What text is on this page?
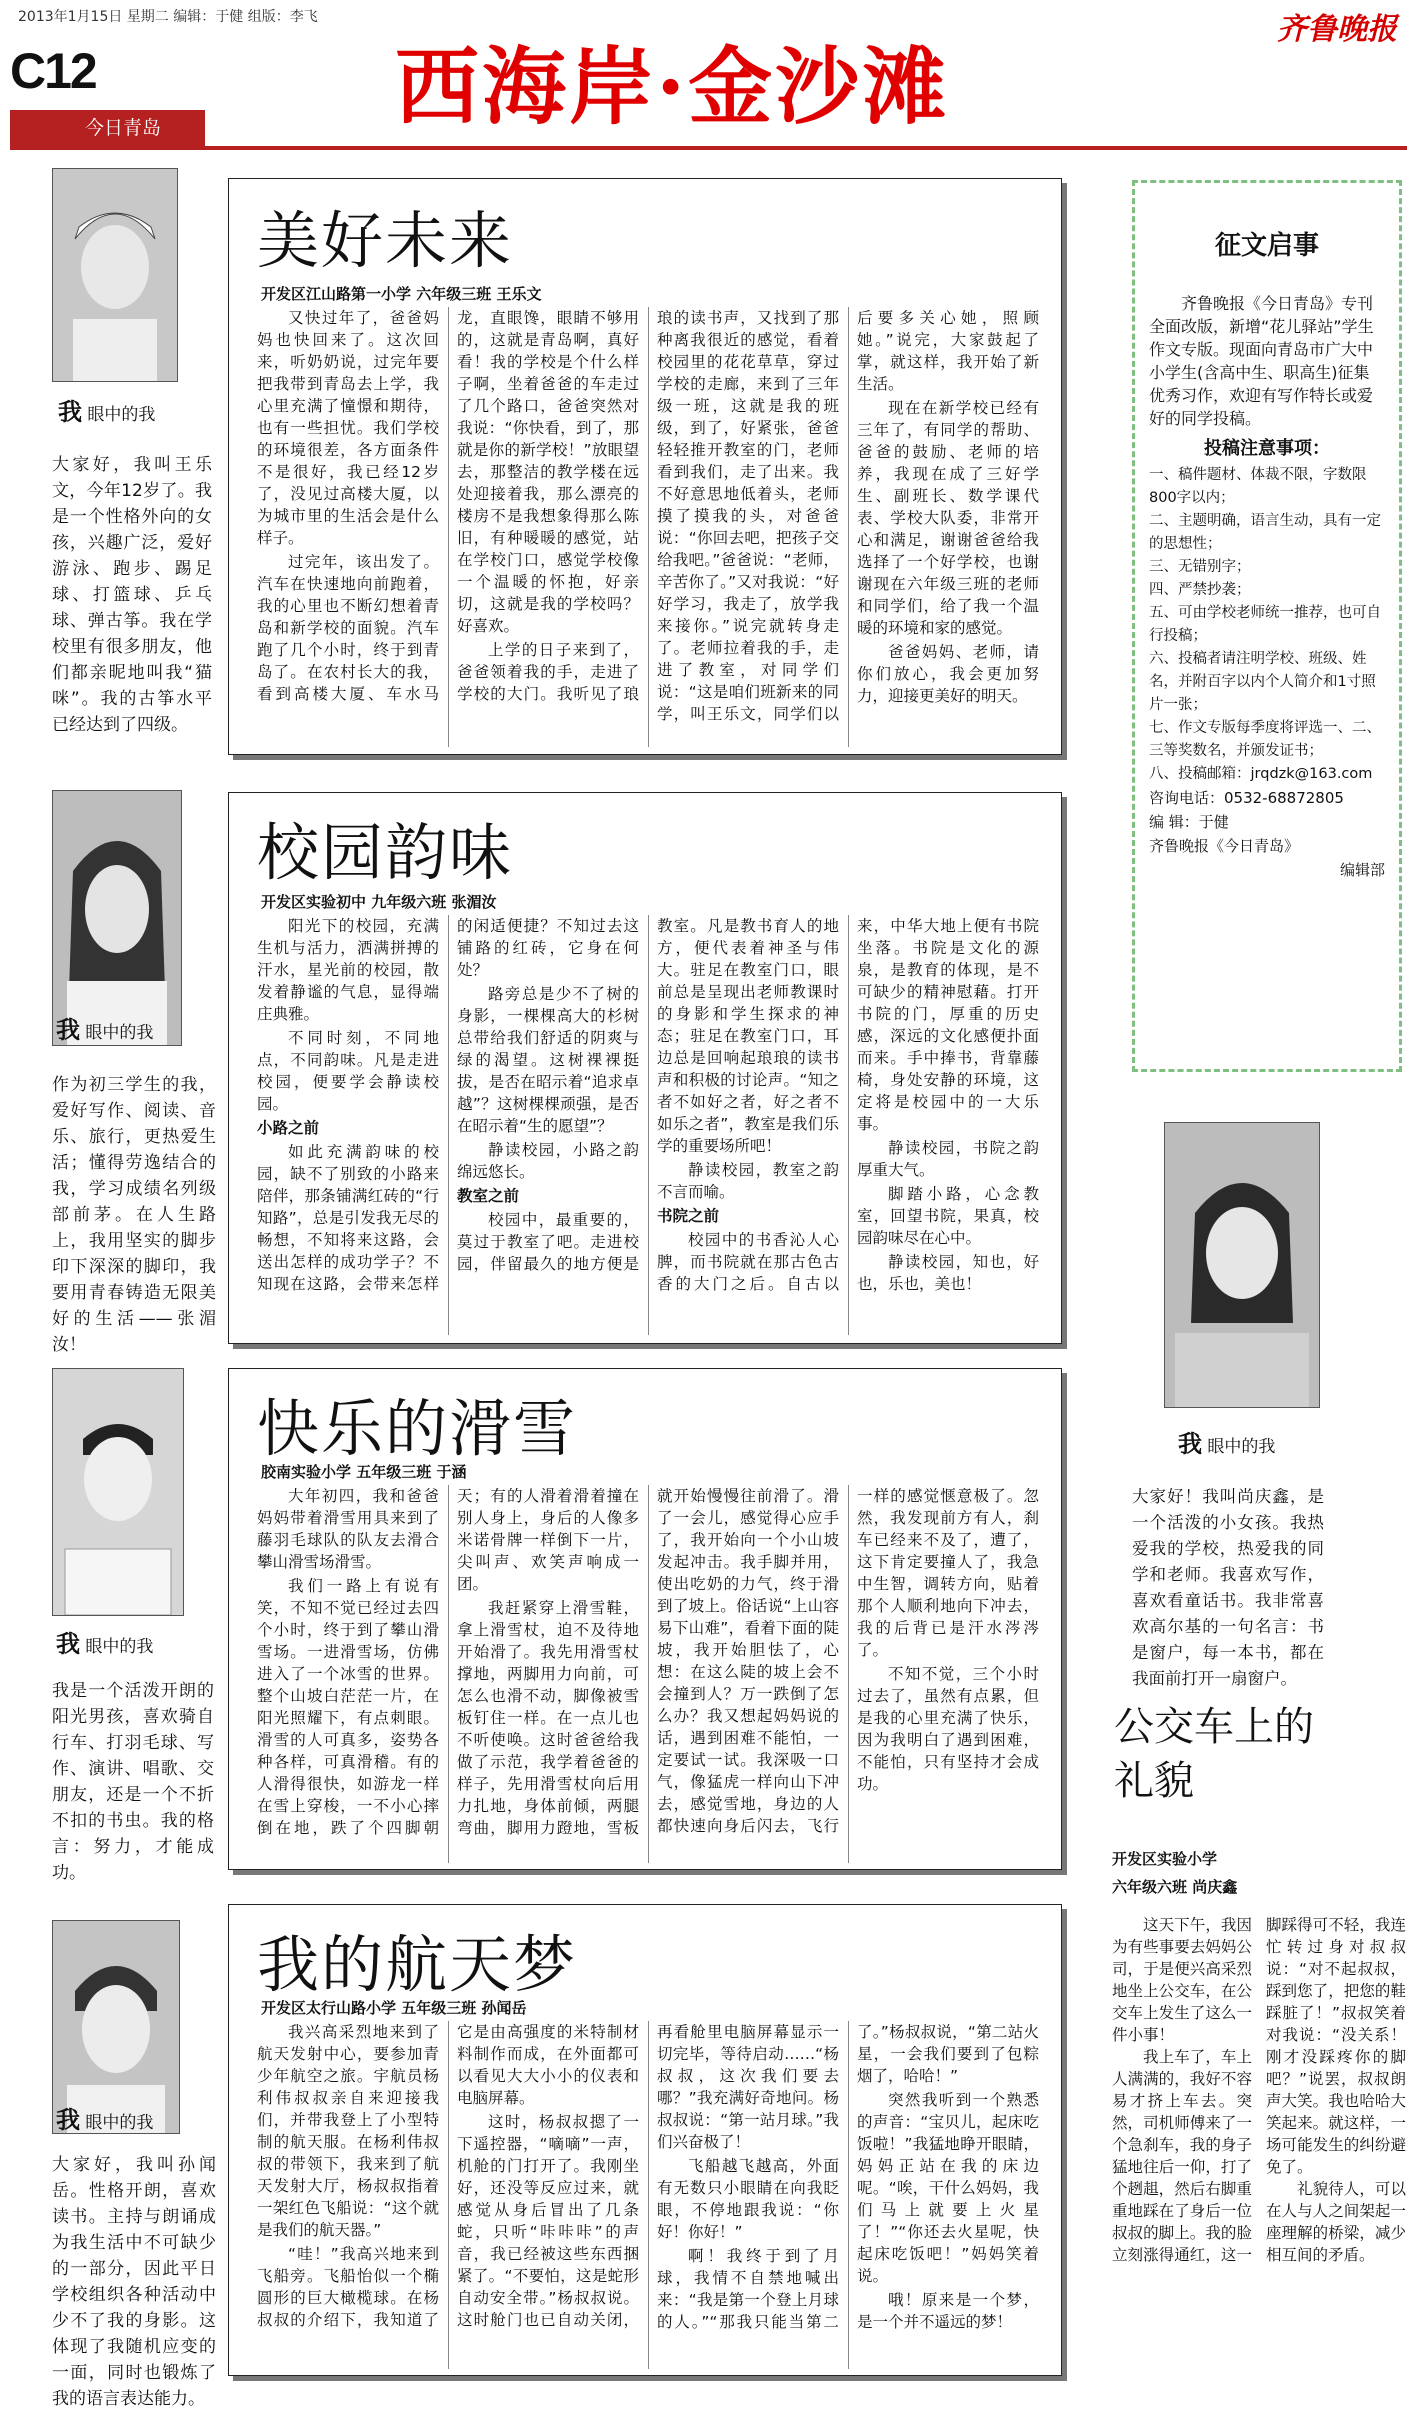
2013年1月15日 星期二 编辑：于健 组版：李飞	齐鲁晚报
C12	西海岸·金沙滩
今日青岛
我 眼中的我
大家好，我叫王乐文，今年12岁了。我是一个性格外向的女孩，兴趣广泛，爱好游泳、跑步、踢足球、打篮球、乒乓球、弹古筝。我在学校里有很多朋友，他们都亲昵地叫我“猫咪”。我的古筝水平已经达到了四级。
美好未来
开发区江山路第一小学 六年级三班 王乐文

又快过年了，爸爸妈妈也快回来了。这次回来，听奶奶说，过完年要把我带到青岛去上学，我心里充满了憧憬和期待，也有一些担忧。我们学校的环境很差，各方面条件不是很好，我已经12岁了，没见过高楼大厦，以为城市里的生活会是什么样子。

过完年，该出发了。汽车在快速地向前跑着，我的心里也不断幻想着青岛和新学校的面貌。汽车跑了几个小时，终于到青岛了。在农村长大的我，看到高楼大厦、车水马龙，直眼馋，眼睛不够用的，这就是青岛啊，真好看！我的学校是个什么样子啊，坐着爸爸的车走过了几个路口，爸爸突然对我说：“你快看，到了，那就是你的新学校！”放眼望去，那整洁的教学楼在远处迎接着我，那么漂亮的楼房不是我想象得那么陈旧，有种暖暖的感觉，站在学校门口，感觉学校像一个温暖的怀抱，好亲切，这就是我的学校吗？好喜欢。

上学的日子来到了，爸爸领着我的手，走进了学校的大门。我听见了琅琅的读书声，又找到了那种离我很近的感觉，看着校园里的花花草草，穿过学校的走廊，来到了三年级一班，这就是我的班级，到了，好紧张，爸爸轻轻推开教室的门，老师看到我们，走了出来。我不好意思地低着头，老师摸了摸我的头，对爸爸说：“你回去吧，把孩子交给我吧。”爸爸说：“老师，辛苦你了。”又对我说：“好好学习，我走了，放学我来接你。”说完就转身走了。老师拉着我的手，走进了教室，对同学们说：“这是咱们班新来的同学，叫王乐文，同学们以后要多关心她，照顾她。”说完，大家鼓起了掌，就这样，我开始了新生活。

现在在新学校已经有三年了，有同学的帮助、爸爸的鼓励、老师的培养，我现在成了三好学生、副班长、数学课代表、学校大队委，非常开心和满足，谢谢爸爸给我选择了一个好学校，也谢谢现在六年级三班的老师和同学们，给了我一个温暖的环境和家的感觉。

爸爸妈妈、老师，请你们放心，我会更加努力，迎接更美好的明天。

我 眼中的我
作为初三学生的我，爱好写作、阅读、音乐、旅行，更热爱生活；懂得劳逸结合的我，学习成绩名列级部前茅。在人生路上，我用坚实的脚步印下深深的脚印，我要用青春铸造无限美好的生活——张湄汝！
校园韵味
开发区实验初中 九年级六班 张湄汝

阳光下的校园，充满生机与活力，洒满拼搏的汗水，星光前的校园，散发着静谧的气息，显得端庄典雅。

不同时刻，不同地点，不同韵味。凡是走进校园，便要学会静读校园。

小路之前

如此充满韵味的校园，缺不了别致的小路来陪伴，那条铺满红砖的“行知路”，总是引发我无尽的畅想，不知将来这路，会送出怎样的成功学子？不知现在这路，会带来怎样的闲适便捷？不知过去这铺路的红砖，它身在何处？

路旁总是少不了树的身影，一棵棵高大的杉树总带给我们舒适的阴爽与绿的渴望。这树裸裸挺拔，是否在昭示着“追求卓越”？这树棵棵顽强，是否在昭示着“生的愿望”？

静读校园，小路之韵绵远悠长。

教室之前

校园中，最重要的，莫过于教室了吧。走进校园，伴留最久的地方便是教室。凡是教书育人的地方，便代表着神圣与伟大。驻足在教室门口，眼前总是呈现出老师教课时的身影和学生探求的神态；驻足在教室门口，耳边总是回响起琅琅的读书声和积极的讨论声。“知之者不如好之者，好之者不如乐之者”，教室是我们乐学的重要场所吧！

静读校园，教室之韵不言而喻。

书院之前

校园中的书香沁人心脾，而书院就在那古色古香的大门之后。自古以来，中华大地上便有书院坐落。书院是文化的源泉，是教育的体现，是不可缺少的精神慰藉。打开书院的门，厚重的历史感，深远的文化感便扑面而来。手中捧书，背靠藤椅，身处安静的环境，这定将是校园中的一大乐事。

静读校园，书院之韵厚重大气。

脚踏小路，心念教室，回望书院，果真，校园韵味尽在心中。

静读校园，知也，好也，乐也，美也！

我 眼中的我
我是一个活泼开朗的阳光男孩，喜欢骑自行车、打羽毛球、写作、演讲、唱歌、交朋友，还是一个不折不扣的书虫。我的格言：努力，才能成功。
快乐的滑雪
胶南实验小学 五年级三班 于涵

大年初四，我和爸爸妈妈带着滑雪用具来到了藤羽毛球队的队友去滑合攀山滑雪场滑雪。

我们一路上有说有笑，不知不觉已经过去四个小时，终于到了攀山滑雪场。一进滑雪场，仿佛进入了一个冰雪的世界。整个山坡白茫茫一片，在阳光照耀下，有点刺眼。滑雪的人可真多，姿势各种各样，可真滑稽。有的人滑得很快，如游龙一样在雪上穿梭，一不小心摔倒在地，跌了个四脚朝天；有的人滑着滑着撞在别人身上，身后的人像多米诺骨牌一样倒下一片，尖叫声、欢笑声响成一团。

我赶紧穿上滑雪鞋，拿上滑雪杖，迫不及待地开始滑了。我先用滑雪杖撑地，两脚用力向前，可怎么也滑不动，脚像被雪板钉住一样。在一点儿也不听使唤。这时爸爸给我做了示范，我学着爸爸的样子，先用滑雪杖向后用力扎地，身体前倾，两腿弯曲，脚用力蹬地，雪板就开始慢慢往前滑了。滑了一会儿，感觉得心应手了，我开始向一个小山坡发起冲击。我手脚并用，使出吃奶的力气，终于滑到了坡上。俗话说“上山容易下山难”，看着下面的陡坡，我开始胆怯了，心想：在这么陡的坡上会不会撞到人？万一跌倒了怎么办？我又想起妈妈说的话，遇到困难不能怕，一定要试一试。我深吸一口气，像猛虎一样向山下冲去，感觉雪地，身边的人都快速向身后闪去，飞行一样的感觉惬意极了。忽然，我发现前方有人，刹车已经来不及了，遭了，这下肯定要撞人了，我急中生智，调转方向，贴着那个人顺利地向下冲去，我的后背已是汗水涔涔了。

不知不觉，三个小时过去了，虽然有点累，但是我的心里充满了快乐，因为我明白了遇到困难，不能怕，只有坚持才会成功。

我 眼中的我
大家好，我叫孙闻岳。性格开朗，喜欢读书。主持与朗诵成为我生活中不可缺少的一部分，因此平日学校组织各种活动中少不了我的身影。这体现了我随机应变的一面，同时也锻炼了我的语言表达能力。
我的航天梦
开发区太行山路小学 五年级三班 孙闻岳

我兴高采烈地来到了航天发射中心，要参加青少年航空之旅。宇航员杨利伟叔叔亲自来迎接我们，并带我登上了小型特制的航天服。在杨利伟叔叔的带领下，我来到了航天发射大厅，杨叔叔指着一架红色飞船说：“这个就是我们的航天器。”

“哇！”我高兴地来到飞船旁。飞船怡似一个椭圆形的巨大橄榄球。在杨叔叔的介绍下，我知道了它是由高强度的米特制材料制作而成，在外面都可以看见大大小小的仪表和电脑屏幕。

这时，杨叔叔摁了一下遥控器，“嘀嘀”一声，机舱的门打开了。我刚坐好，还没等反应过来，就感觉从身后冒出了几条蛇，只听“咔咔咔”的声音，我已经被这些东西捆紧了。“不要怕，这是蛇形自动安全带。”杨叔叔说。这时舱门也已自动关闭，再看舱里电脑屏幕显示一切完毕，等待启动……“杨叔叔，这次我们要去哪？”我充满好奇地问。杨叔叔说：“第一站月球。”我们兴奋极了！

飞船越飞越高，外面有无数只小眼睛在向我眨眼，不停地跟我说：“你好！你好！”

啊！我终于到了月球，我情不自禁地喊出来：“我是第一个登上月球的人。”“那我只能当第二了。”杨叔叔说，“第二站火星，一会我们要到了包粽烟了，哈哈！”

突然我听到一个熟悉的声音：“宝贝儿，起床吃饭啦！”我猛地睁开眼睛，妈妈正站在我的床边呢。“唉，干什么妈妈，我们马上就要上火星了！”“你还去火星呢，快起床吃饭吧！”妈妈笑着说。

哦！原来是一个梦，是一个并不遥远的梦！

征文启事

齐鲁晚报《今日青岛》专刊全面改版，新增“花儿驿站”学生作文专版。现面向青岛市广大中小学生(含高中生、职高生)征集优秀习作，欢迎有写作特长或爱好的同学投稿。

投稿注意事项：
一、稿件题材、体裁不限，字数限800字以内；
二、主题明确，语言生动，具有一定的思想性；
三、无错别字；
四、严禁抄袭；
五、可由学校老师统一推荐，也可自行投稿；
六、投稿者请注明学校、班级、姓名，并附百字以内个人简介和1寸照片一张；
七、作文专版每季度将评选一、二、三等奖数名，并颁发证书；
八、投稿邮箱：jrqdzk@163.com

咨询电话：0532-68872805

编 辑：于健

齐鲁晚报《今日青岛》

编辑部

我 眼中的我
大家好！我叫尚庆鑫，是一个活泼的小女孩。我热爱我的学校，热爱我的同学和老师。我喜欢写作，喜欢看童话书。我非常喜欢高尔基的一句名言：书是窗户，每一本书，都在我面前打开一扇窗户。
公交车上的礼貌
开发区实验小学
六年级六班 尚庆鑫

这天下午，我因为有些事要去妈妈公司，于是便兴高采烈地坐上公交车，在公交车上发生了这么一件小事！

我上车了，车上人满满的，我好不容易才挤上车去。突然，司机师傅来了一个急刹车，我的身子猛地往后一仰，打了个趔趄，然后右脚重重地踩在了身后一位叔叔的脚上。我的脸立刻涨得通红，这一脚踩得可不轻，我连忙转过身对叔叔说：“对不起叔叔，踩到您了，把您的鞋踩脏了！”叔叔笑着对我说：“没关系！刚才没踩疼你的脚吧？”说罢，叔叔朗声大笑。我也哈哈大笑起来。就这样，一场可能发生的纠纷避免了。

礼貌待人，可以在人与人之间架起一座理解的桥梁，减少相互间的矛盾。
